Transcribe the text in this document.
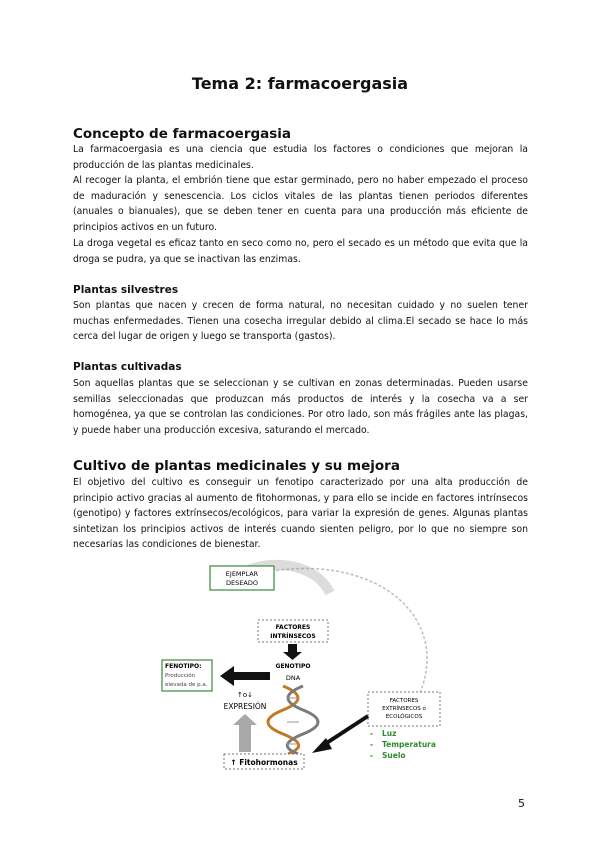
Tema 2: farmacoergasia
Concepto de farmacoergasia

La farmacoergasia es una ciencia que estudia los factores o condiciones que mejoran la producción de las plantas medicinales.

Al recoger la planta, el embrión tiene que estar germinado, pero no haber empezado el proceso de maduración y senescencia. Los ciclos vitales de las plantas tienen periodos diferentes (anuales o bianuales), que se deben tener en cuenta para una producción más eficiente de principios activos en un futuro.

La droga vegetal es eficaz tanto en seco como no, pero el secado es un método que evita que la droga se pudra, ya que se inactivan las enzimas.

Plantas silvestres

Son plantas que nacen y crecen de forma natural, no necesitan cuidado y no suelen tener muchas enfermedades. Tienen una cosecha irregular debido al clima.El secado se hace lo más cerca del lugar de origen y luego se transporta (gastos).

Plantas cultivadas

Son aquellas plantas que se seleccionan y se cultivan en zonas determinadas. Pueden usarse semillas seleccionadas que produzcan más productos de interés y la cosecha va a ser homogénea, ya que se controlan las condiciones. Por otro lado, son más frágiles ante las plagas, y puede haber una producción excesiva, saturando el mercado.

Cultivo de plantas medicinales y su mejora

El objetivo del cultivo es conseguir un fenotipo caracterizado por una alta producción de principio activo gracias al aumento de fitohormonas, y para ello se incide en factores intrínsecos (genotipo) y factores extrínsecos/ecológicos, para variar la expresión de genes. Algunas plantas sintetizan los principios activos de interés cuando sienten peligro, por lo que no siempre son necesarias las condiciones de bienestar.

EJEMPLAR
DESEADO
FACTORES
INTRÍNSECOS
GENOTIPO
DNA
FENOTIPO:
Producción
elevada de p.a.
↑o↓
EXPRESIÓN
↑ Fitohormonas
FACTORES
EXTRÍNSECOS o
ECOLÓGICOS
- Luz
- Temperatura
- Suelo
5
